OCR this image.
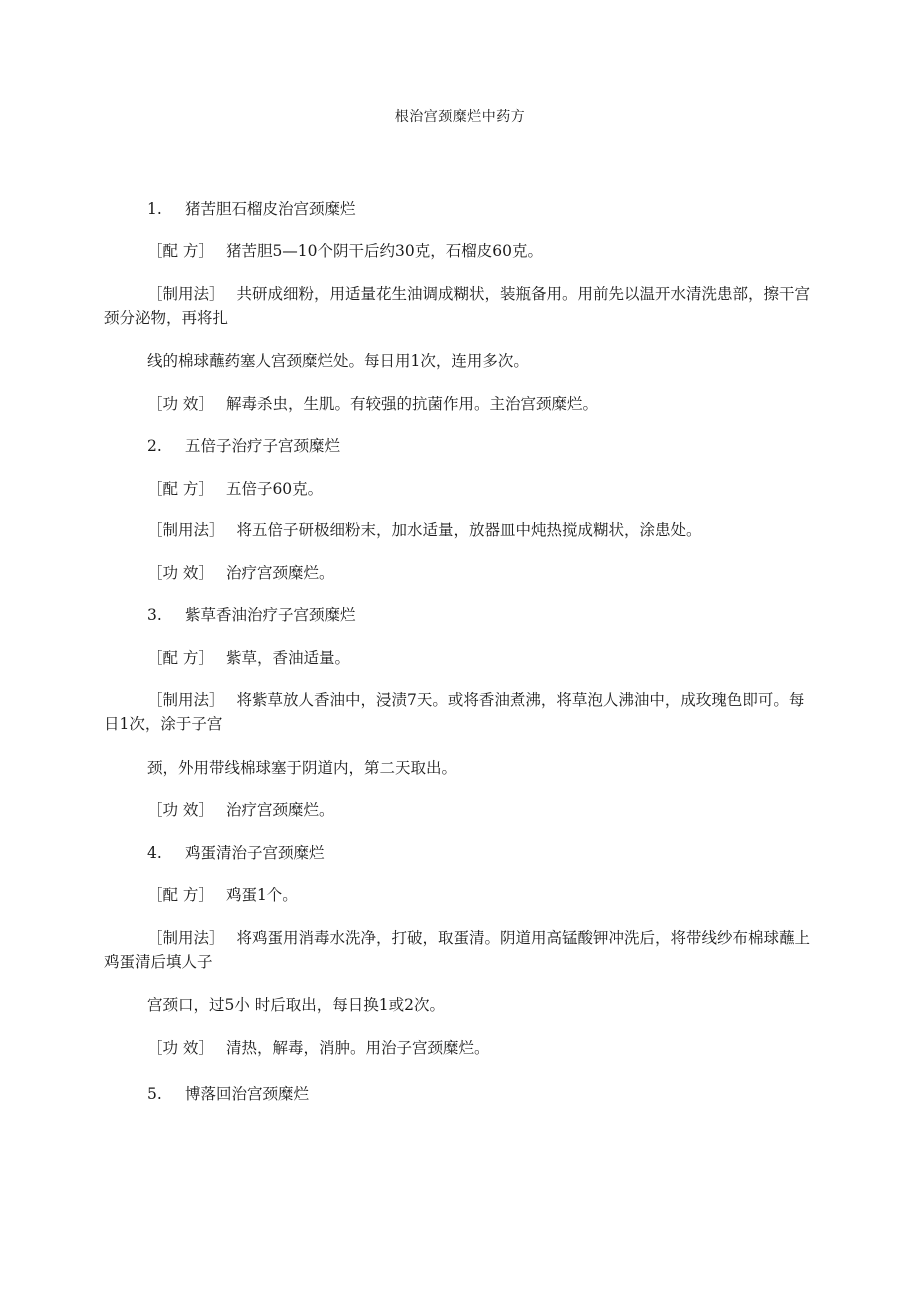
根治宫颈糜烂中药方
1. 猪苦胆石榴皮治宫颈糜烂
［配 方］ 猪苦胆5—10个阴干后约30克，石榴皮60克。
［制用法］ 共研成细粉，用适量花生油调成糊状，装瓶备用。用前先以温开水清洗患部，擦干宫颈分泌物，再将扎
线的棉球蘸药塞人宫颈糜烂处。每日用1次，连用多次。
［功 效］ 解毒杀虫，生肌。有较强的抗菌作用。主治宫颈糜烂。
2. 五倍子治疗子宫颈糜烂
［配 方］ 五倍子60克。
［制用法］ 将五倍子研极细粉末，加水适量，放器皿中炖热搅成糊状，涂患处。
［功 效］ 治疗宫颈糜烂。
3. 紫草香油治疗子宫颈糜烂
［配 方］ 紫草，香油适量。
［制用法］ 将紫草放人香油中，浸渍7天。或将香油煮沸，将草泡人沸油中，成玫瑰色即可。每日1次，涂于子宫
颈，外用带线棉球塞于阴道内，第二天取出。
［功 效］ 治疗宫颈糜烂。
4. 鸡蛋清治子宫颈糜烂
［配 方］ 鸡蛋1个。
［制用法］ 将鸡蛋用消毒水洗净，打破，取蛋清。阴道用高锰酸钾冲洗后，将带线纱布棉球蘸上鸡蛋清后填人子
宫颈口，过5小 时后取出，每日换1或2次。
［功 效］ 清热，解毒，消肿。用治子宫颈糜烂。
5. 博落回治宫颈糜烂
